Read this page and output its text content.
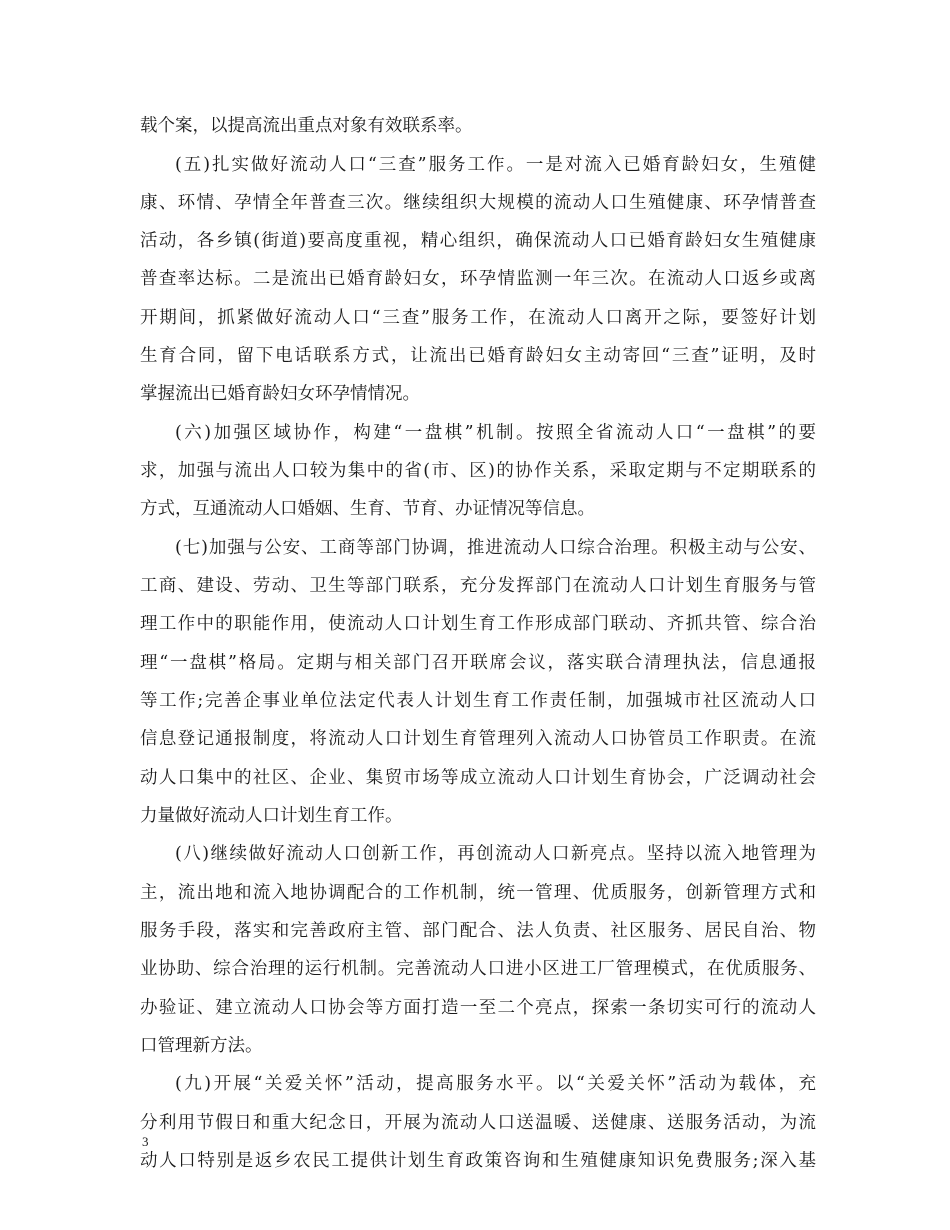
载个案，以提高流出重点对象有效联系率。
(五)扎实做好流动人口“三查”服务工作。一是对流入已婚育龄妇女，生殖健
康、环情、孕情全年普查三次。继续组织大规模的流动人口生殖健康、环孕情普查
活动，各乡镇(街道)要高度重视，精心组织，确保流动人口已婚育龄妇女生殖健康
普查率达标。二是流出已婚育龄妇女，环孕情监测一年三次。在流动人口返乡或离
开期间，抓紧做好流动人口“三查”服务工作，在流动人口离开之际，要签好计划
生育合同，留下电话联系方式，让流出已婚育龄妇女主动寄回“三查”证明，及时
掌握流出已婚育龄妇女环孕情情况。
(六)加强区域协作，构建“一盘棋”机制。按照全省流动人口“一盘棋”的要
求，加强与流出人口较为集中的省(市、区)的协作关系，采取定期与不定期联系的
方式，互通流动人口婚姻、生育、节育、办证情况等信息。
(七)加强与公安、工商等部门协调，推进流动人口综合治理。积极主动与公安、
工商、建设、劳动、卫生等部门联系，充分发挥部门在流动人口计划生育服务与管
理工作中的职能作用，使流动人口计划生育工作形成部门联动、齐抓共管、综合治
理“一盘棋”格局。定期与相关部门召开联席会议，落实联合清理执法，信息通报
等工作;完善企事业单位法定代表人计划生育工作责任制，加强城市社区流动人口
信息登记通报制度，将流动人口计划生育管理列入流动人口协管员工作职责。在流
动人口集中的社区、企业、集贸市场等成立流动人口计划生育协会，广泛调动社会
力量做好流动人口计划生育工作。
(八)继续做好流动人口创新工作，再创流动人口新亮点。坚持以流入地管理为
主，流出地和流入地协调配合的工作机制，统一管理、优质服务，创新管理方式和
服务手段，落实和完善政府主管、部门配合、法人负责、社区服务、居民自治、物
业协助、综合治理的运行机制。完善流动人口进小区进工厂管理模式，在优质服务、
办验证、建立流动人口协会等方面打造一至二个亮点，探索一条切实可行的流动人
口管理新方法。
(九)开展“关爱关怀”活动，提高服务水平。以“关爱关怀”活动为载体，充
分利用节假日和重大纪念日，开展为流动人口送温暖、送健康、送服务活动，为流
动人口特别是返乡农民工提供计划生育政策咨询和生殖健康知识免费服务;深入基
3
